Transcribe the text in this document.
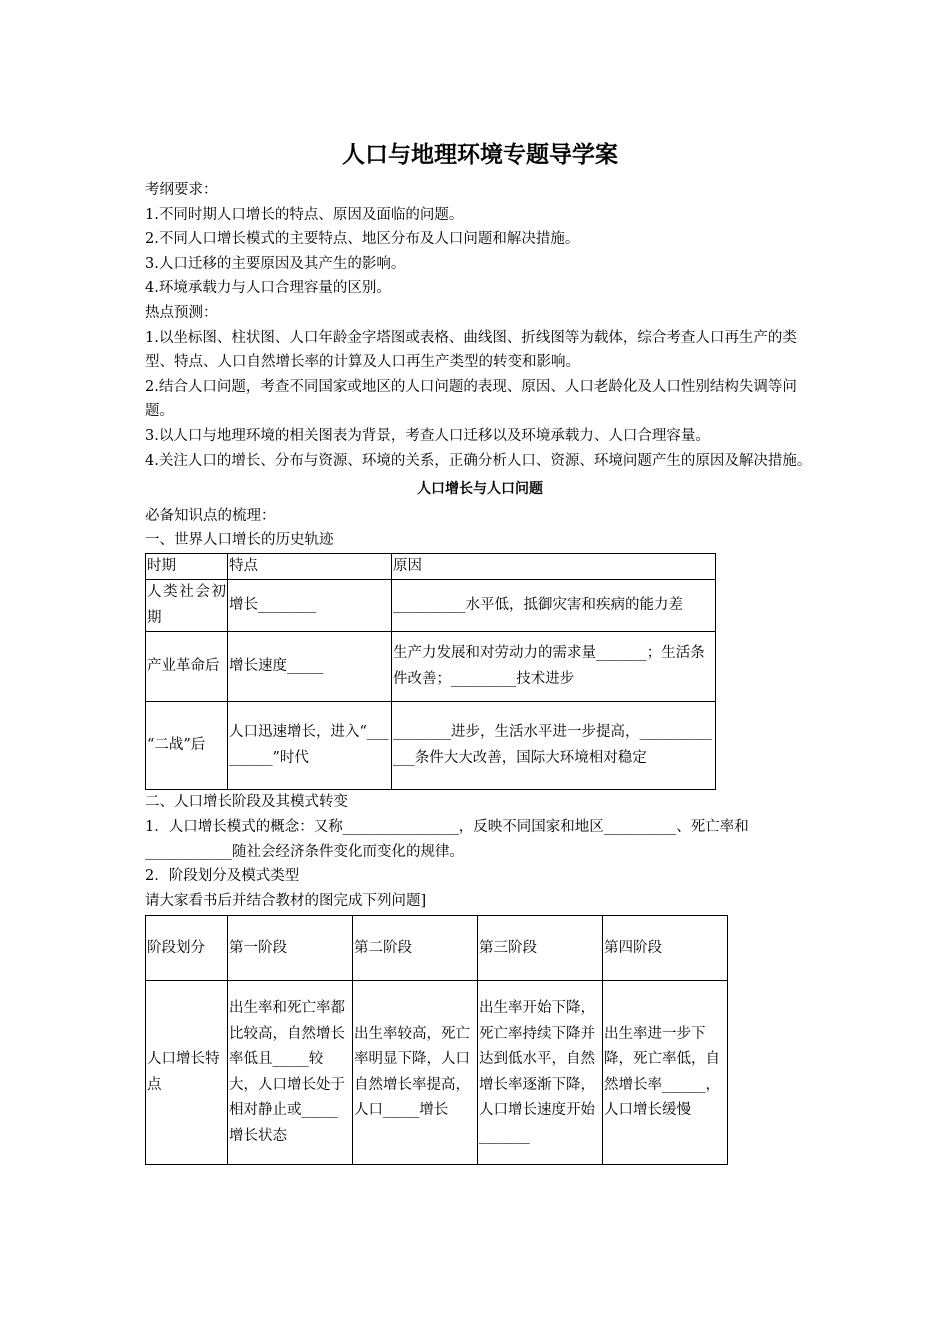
人口与地理环境专题导学案

考纲要求：

1.不同时期人口增长的特点、原因及面临的问题。

2.不同人口增长模式的主要特点、地区分布及人口问题和解决措施。

3.人口迁移的主要原因及其产生的影响。

4.环境承载力与人口合理容量的区别。

热点预测：

1.以坐标图、柱状图、人口年龄金字塔图或表格、曲线图、折线图等为载体，综合考查人口再生产的类型、特点、人口自然增长率的计算及人口再生产类型的转变和影响。

2.结合人口问题，考查不同国家或地区的人口问题的表现、原因、人口老龄化及人口性别结构失调等问题。

3.以人口与地理环境的相关图表为背景，考查人口迁移以及环境承载力、人口合理容量。

4.关注人口的增长、分布与资源、环境的关系，正确分析人口、资源、环境问题产生的原因及解决措施。

人口增长与人口问题

必备知识点的梳理：

一、世界人口增长的历史轨迹

时期	特点	原因
人类社会初期	增长________	__________水平低，抵御灾害和疾病的能力差
产业革命后	增长速度_____	生产力发展和对劳动力的需求量_______；生活条件改善；_________技术进步
“二战”后	人口迅速增长，进入“_________”时代	________进步，生活水平进一步提高，_____________条件大大改善，国际大环境相对稳定

二、人口增长阶段及其模式转变

1．人口增长模式的概念：又称________________，反映不同国家和地区__________、死亡率和____________随社会经济条件变化而变化的规律。

2．阶段划分及模式类型

请大家看书后并结合教材的图完成下列问题]

阶段划分	第一阶段	第二阶段	第三阶段	第四阶段
人口增长特点	出生率和死亡率都比较高，自然增长率低且_____较大，人口增长处于相对静止或_____增长状态	出生率较高，死亡率明显下降，人口自然增长率提高，人口_____增长	出生率开始下降，死亡率持续下降并达到低水平，自然增长率逐渐下降，人口增长速度开始_______	出生率进一步下降，死亡率低，自然增长率______，人口增长缓慢
